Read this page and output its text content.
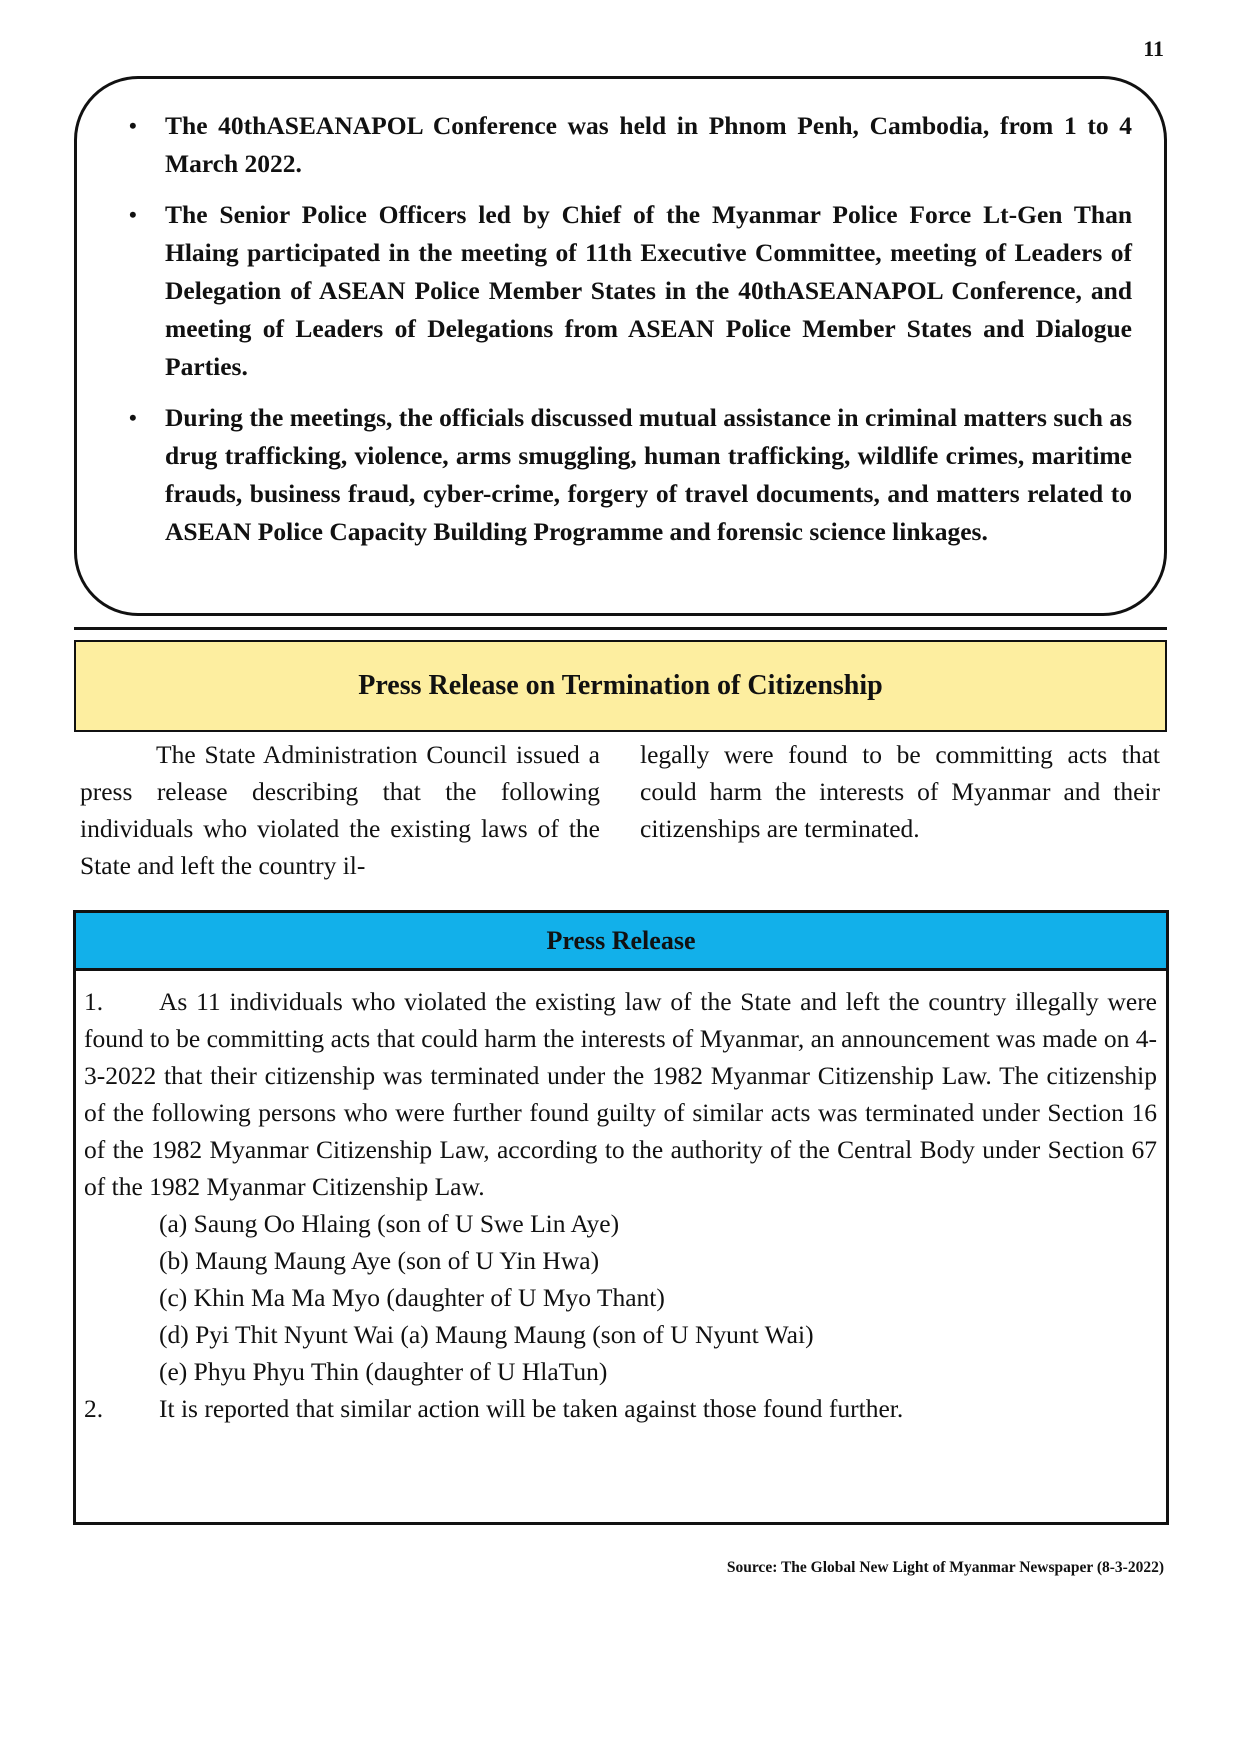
11
• The 40thASEANAPOL Conference was held in Phnom Penh, Cambodia, from 1 to 4 March 2022.
• The Senior Police Officers led by Chief of the Myanmar Police Force Lt-Gen Than Hlaing participated in the meeting of 11th Executive Committee, meeting of Leaders of Delegation of ASEAN Police Member States in the 40thASEANAPOL Conference, and meeting of Leaders of Delegations from ASEAN Police Member States and Dialogue Parties.
• During the meetings, the officials discussed mutual assistance in criminal matters such as drug trafficking, violence, arms smuggling, human trafficking, wildlife crimes, maritime frauds, business fraud, cyber-crime, forgery of travel documents, and matters related to ASEAN Police Capacity Building Programme and forensic science linkages.
Press Release on Termination of Citizenship
The State Administration Council issued a press release describing that the following individuals who violated the existing laws of the State and left the country il-
legally were found to be committing acts that could harm the interests of Myanmar and their citizenships are terminated.
Press Release
1. As 11 individuals who violated the existing law of the State and left the country illegally were found to be committing acts that could harm the interests of Myanmar, an announcement was made on 4-3-2022 that their citizenship was terminated under the 1982 Myanmar Citizenship Law. The citizenship of the following persons who were further found guilty of similar acts was terminated under Section 16 of the 1982 Myanmar Citizenship Law, according to the authority of the Central Body under Section 67 of the 1982 Myanmar Citizenship Law.
(a) Saung Oo Hlaing (son of U Swe Lin Aye)
(b) Maung Maung Aye (son of U Yin Hwa)
(c) Khin Ma Ma Myo (daughter of U Myo Thant)
(d) Pyi Thit Nyunt Wai (a) Maung Maung (son of U Nyunt Wai)
(e) Phyu Phyu Thin (daughter of U HlaTun)
2. It is reported that similar action will be taken against those found further.
Source: The Global New Light of Myanmar Newspaper (8-3-2022)
